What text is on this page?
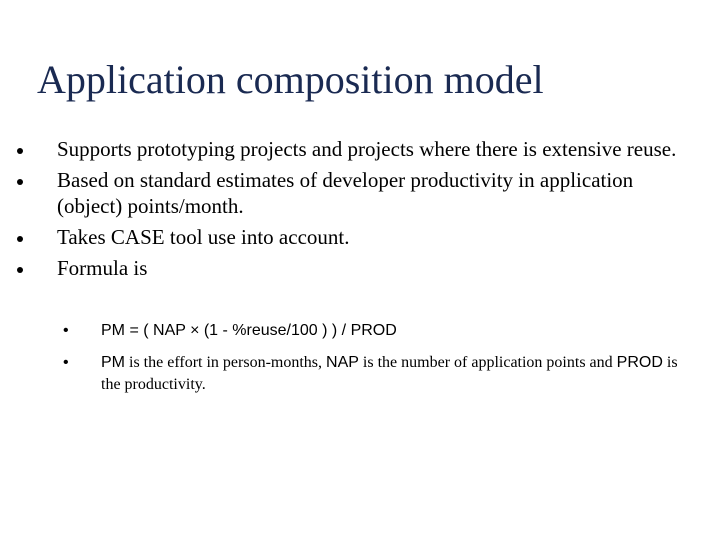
Application composition model
Supports prototyping projects and projects where there is extensive reuse.
Based on standard estimates of developer productivity in application (object) points/month.
Takes CASE tool use into account.
Formula is
• PM = ( NAP × (1 - %reuse/100 ) ) / PROD
• PM is the effort in person-months, NAP is the number of application points and PROD is the productivity.
